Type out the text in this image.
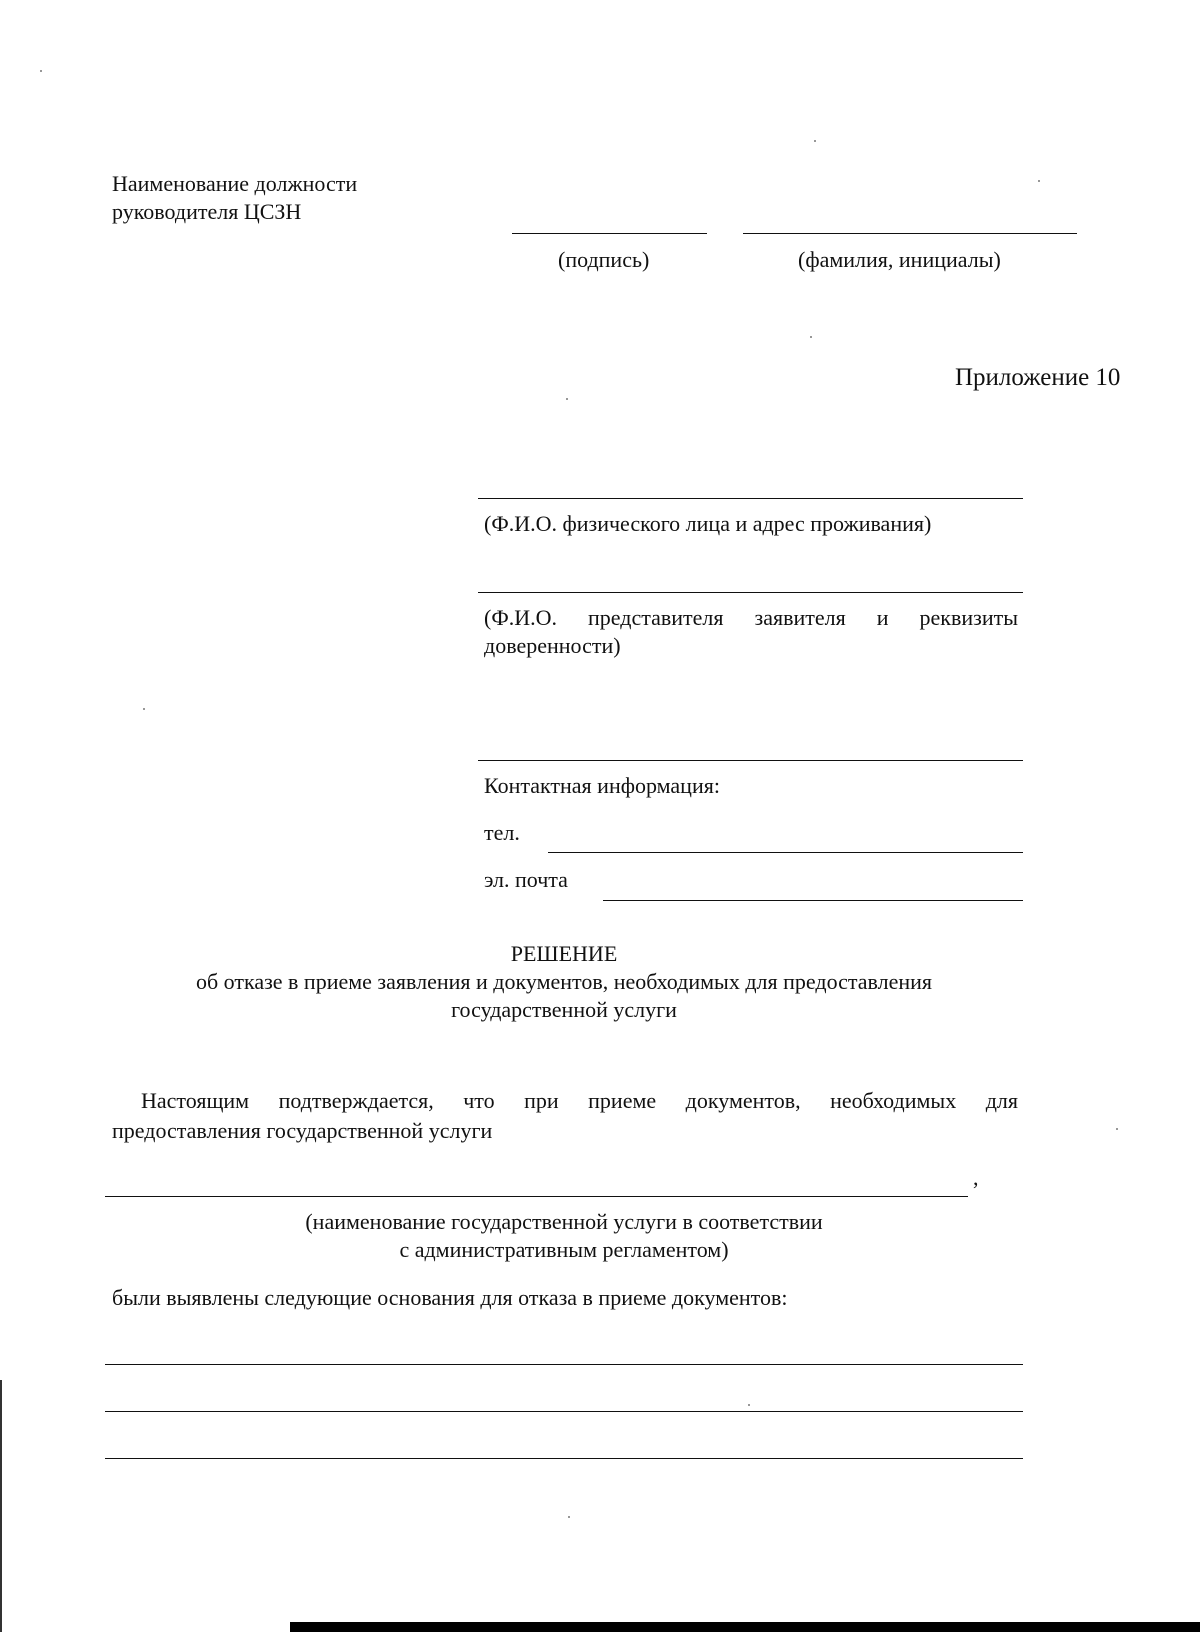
Наименование должности
руководителя ЦСЗН
(подпись)	(фамилия, инициалы)
Приложение 10
(Ф.И.О. физического лица и адрес проживания)
(Ф.И.О. представителя заявителя и реквизиты
доверенности)
Контактная информация:
тел.
эл. почта
РЕШЕНИЕ
об отказе в приеме заявления и документов, необходимых для предоставления
государственной услуги
Настоящим подтверждается, что при приеме документов, необходимых для
предоставления государственной услуги
,
(наименование государственной услуги в соответствии
с административным регламентом)
были выявлены следующие основания для отказа в приеме документов:
